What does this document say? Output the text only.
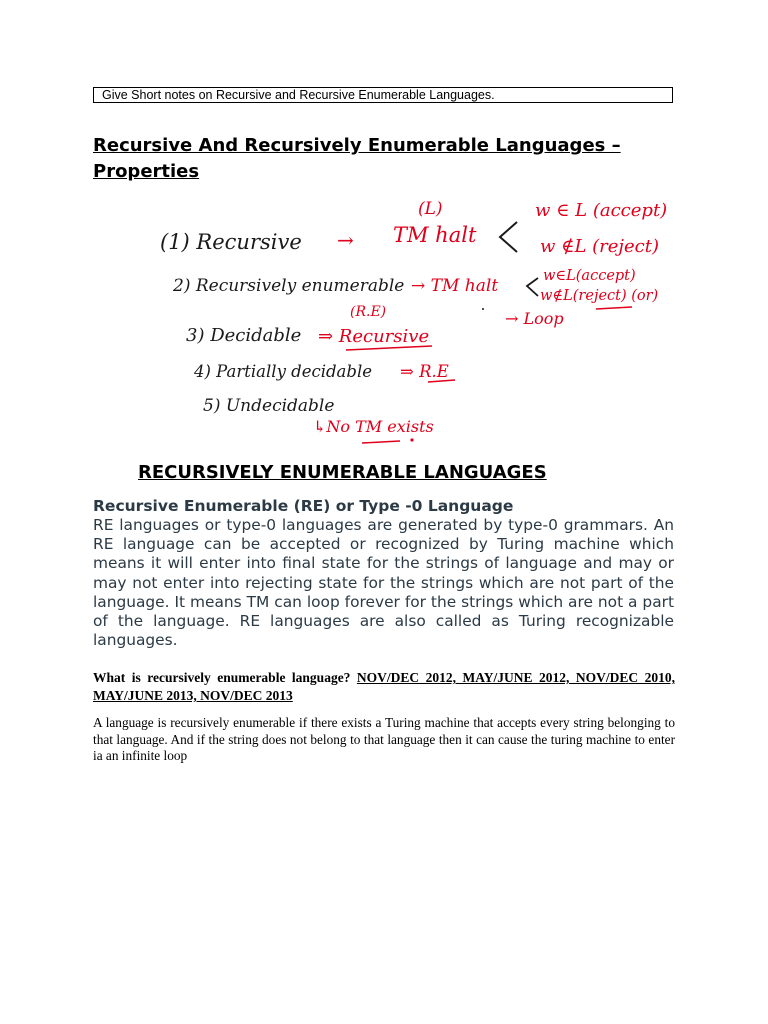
Give Short notes on Recursive and Recursive Enumerable Languages.
Recursive And Recursively Enumerable Languages –
Properties
(L)
(1) Recursive → TM halt
w ∈ L (accept)
w ∉L (reject)
2) Recursively enumerable → TM halt	w∈L(accept)
w∉L(reject) (or)
(R.E)	→ Loop
3) Decidable ⇒ Recursive
4) Partially decidable ⇒ R.E
5) Undecidable
↳No TM exists
RECURSIVELY ENUMERABLE LANGUAGES
Recursive Enumerable (RE) or Type -0 Language
RE languages or type-0 languages are generated by type-0 grammars. An RE language can be accepted or recognized by Turing machine which means it will enter into final state for the strings of language and may or may not enter into rejecting state for the strings which are not part of the language. It means TM can loop forever for the strings which are not a part of the language. RE languages are also called as Turing recognizable languages.
What is recursively enumerable language? NOV/DEC 2012, MAY/JUNE 2012, NOV/DEC 2010, MAY/JUNE 2013, NOV/DEC 2013
A language is recursively enumerable if there exists a Turing machine that accepts every string belonging to that language. And if the string does not belong to that language then it can cause the turing machine to enter ia an infinite loop
